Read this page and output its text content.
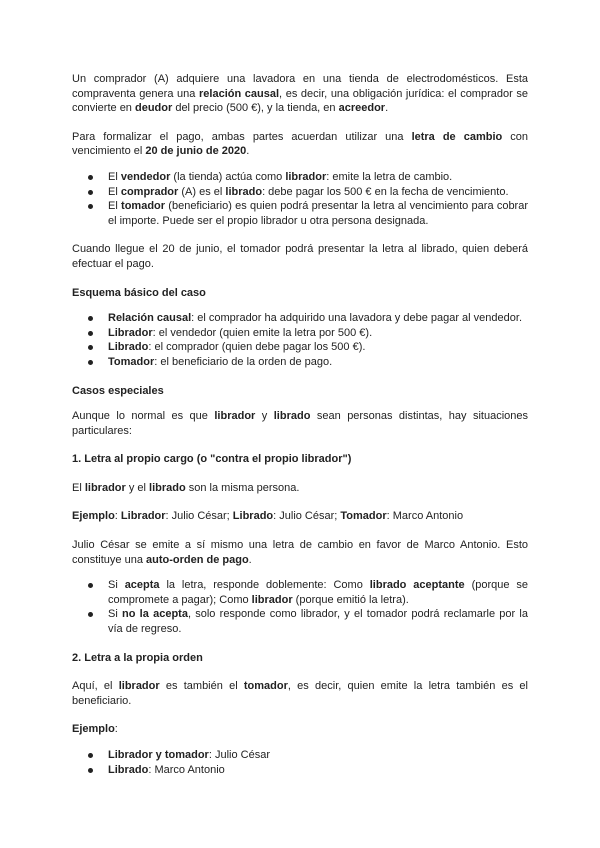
Un comprador (A) adquiere una lavadora en una tienda de electrodomésticos. Esta compraventa genera una relación causal, es decir, una obligación jurídica: el comprador se convierte en deudor del precio (500 €), y la tienda, en acreedor.

Para formalizar el pago, ambas partes acuerdan utilizar una letra de cambio con vencimiento el 20 de junio de 2020.

El vendedor (la tienda) actúa como librador: emite la letra de cambio.
El comprador (A) es el librado: debe pagar los 500 € en la fecha de vencimiento.
El tomador (beneficiario) es quien podrá presentar la letra al vencimiento para cobrar el importe. Puede ser el propio librador u otra persona designada.

Cuando llegue el 20 de junio, el tomador podrá presentar la letra al librado, quien deberá efectuar el pago.

Esquema básico del caso

Relación causal: el comprador ha adquirido una lavadora y debe pagar al vendedor.
Librador: el vendedor (quien emite la letra por 500 €).
Librado: el comprador (quien debe pagar los 500 €).
Tomador: el beneficiario de la orden de pago.

Casos especiales

Aunque lo normal es que librador y librado sean personas distintas, hay situaciones particulares:

1. Letra al propio cargo (o "contra el propio librador")

El librador y el librado son la misma persona.

Ejemplo: Librador: Julio César; Librado: Julio César; Tomador: Marco Antonio

Julio César se emite a sí mismo una letra de cambio en favor de Marco Antonio. Esto constituye una auto-orden de pago.

Si acepta la letra, responde doblemente: Como librado aceptante (porque se compromete a pagar); Como librador (porque emitió la letra).
Si no la acepta, solo responde como librador, y el tomador podrá reclamarle por la vía de regreso.

2. Letra a la propia orden

Aquí, el librador es también el tomador, es decir, quien emite la letra también es el beneficiario.

Ejemplo:

Librador y tomador: Julio César
Librado: Marco Antonio
